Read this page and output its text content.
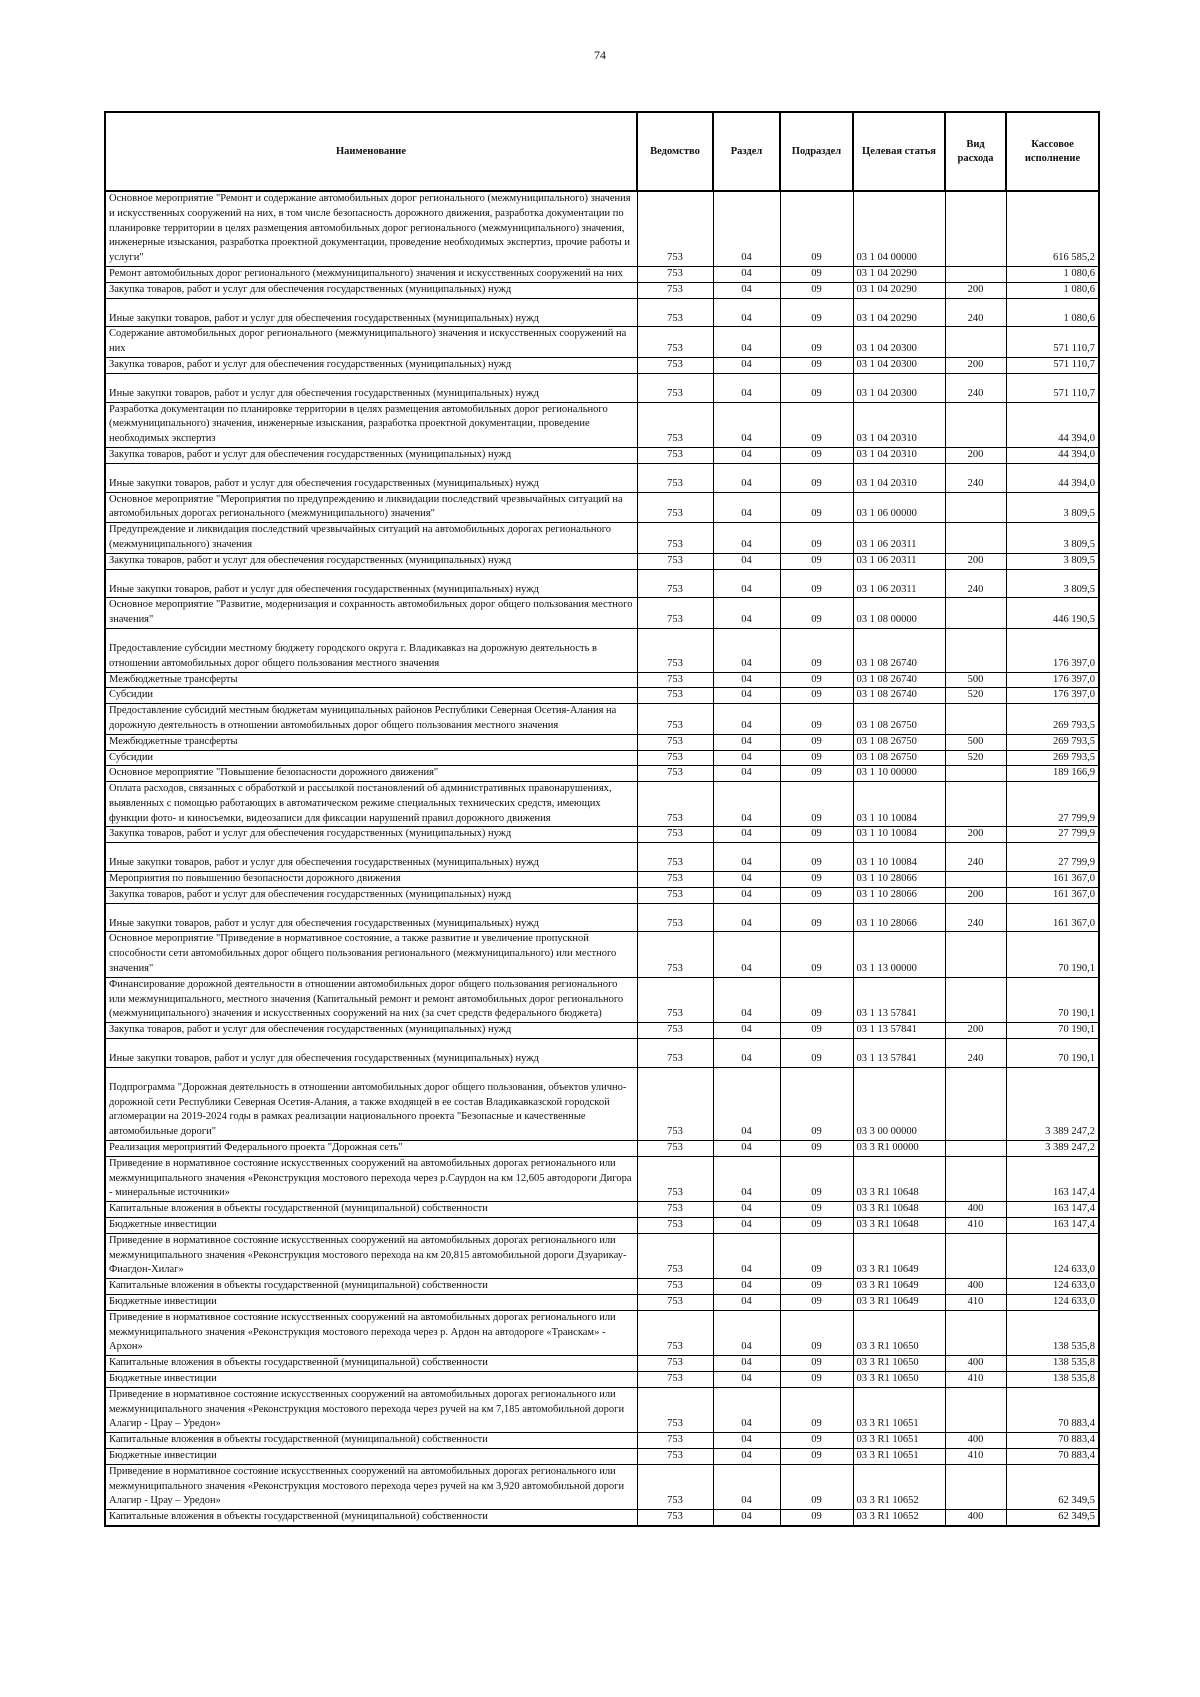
74
Наименование	Ведомство	Раздел	Подраздел	Целевая статья	Вид расхода	Кассовое исполнение
Основное мероприятие "Ремонт и содержание автомобильных дорог регионального (межмуниципального) значения и искусственных сооружений на них, в том числе безопасность дорожного движения, разработка документации по планировке территории в целях размещения автомобильных дорог регионального (межмуниципального) значения, инженерные изыскания, разработка проектной документации, проведение необходимых экспертиз, прочие работы и услуги"	753	04	09	03 1 04 00000		616 585,2
Ремонт автомобильных дорог регионального (межмуниципального) значения и искусственных сооружений на них	753	04	09	03 1 04 20290		1 080,6
Закупка товаров, работ и услуг для обеспечения государственных (муниципальных) нужд	753	04	09	03 1 04 20290	200	1 080,6
Иные закупки товаров, работ и услуг для обеспечения государственных (муниципальных) нужд	753	04	09	03 1 04 20290	240	1 080,6
Содержание автомобильных дорог регионального (межмуниципального) значения и искусственных сооружений на них	753	04	09	03 1 04 20300		571 110,7
Закупка товаров, работ и услуг для обеспечения государственных (муниципальных) нужд	753	04	09	03 1 04 20300	200	571 110,7
Иные закупки товаров, работ и услуг для обеспечения государственных (муниципальных) нужд	753	04	09	03 1 04 20300	240	571 110,7
Разработка документации по планировке территории в целях размещения автомобильных дорог регионального (межмуниципального) значения, инженерные изыскания, разработка проектной документации, проведение необходимых экспертиз	753	04	09	03 1 04 20310		44 394,0
Закупка товаров, работ и услуг для обеспечения государственных (муниципальных) нужд	753	04	09	03 1 04 20310	200	44 394,0
Иные закупки товаров, работ и услуг для обеспечения государственных (муниципальных) нужд	753	04	09	03 1 04 20310	240	44 394,0
Основное мероприятие "Мероприятия по предупреждению и ликвидации последствий чрезвычайных ситуаций на автомобильных дорогах регионального (межмуниципального) значения"	753	04	09	03 1 06 00000		3 809,5
Предупреждение и ликвидация последствий чрезвычайных ситуаций на автомобильных дорогах регионального (межмуниципального) значения	753	04	09	03 1 06 20311		3 809,5
Закупка товаров, работ и услуг для обеспечения государственных (муниципальных) нужд	753	04	09	03 1 06 20311	200	3 809,5
Иные закупки товаров, работ и услуг для обеспечения государственных (муниципальных) нужд	753	04	09	03 1 06 20311	240	3 809,5
Основное мероприятие "Развитие, модернизация и сохранность автомобильных дорог общего пользования местного значения"	753	04	09	03 1 08 00000		446 190,5
Предоставление субсидии местному бюджету городского округа г. Владикавказ на дорожную деятельность в отношении автомобильных дорог общего пользования местного значения	753	04	09	03 1 08 26740		176 397,0
Межбюджетные трансферты	753	04	09	03 1 08 26740	500	176 397,0
Субсидии	753	04	09	03 1 08 26740	520	176 397,0
Предоставление субсидий местным бюджетам муниципальных районов Республики Северная Осетия-Алания на дорожную деятельность в отношении автомобильных дорог общего пользования местного значения	753	04	09	03 1 08 26750		269 793,5
Межбюджетные трансферты	753	04	09	03 1 08 26750	500	269 793,5
Субсидии	753	04	09	03 1 08 26750	520	269 793,5
Основное мероприятие "Повышение безопасности дорожного движения"	753	04	09	03 1 10 00000		189 166,9
Оплата расходов, связанных с обработкой и рассылкой постановлений об административных правонарушениях, выявленных с помощью работающих в автоматическом режиме специальных технических средств, имеющих функции фото- и киносъемки, видеозаписи для фиксации нарушений правил дорожного движения	753	04	09	03 1 10 10084		27 799,9
Закупка товаров, работ и услуг для обеспечения государственных (муниципальных) нужд	753	04	09	03 1 10 10084	200	27 799,9
Иные закупки товаров, работ и услуг для обеспечения государственных (муниципальных) нужд	753	04	09	03 1 10 10084	240	27 799,9
Мероприятия по повышению безопасности дорожного движения	753	04	09	03 1 10 28066		161 367,0
Закупка товаров, работ и услуг для обеспечения государственных (муниципальных) нужд	753	04	09	03 1 10 28066	200	161 367,0
Иные закупки товаров, работ и услуг для обеспечения государственных (муниципальных) нужд	753	04	09	03 1 10 28066	240	161 367,0
Основное мероприятие "Приведение в нормативное состояние, а также развитие и увеличение пропускной способности сети автомобильных дорог общего пользования регионального (межмуниципального) или местного значения"	753	04	09	03 1 13 00000		70 190,1
Финансирование дорожной деятельности в отношении автомобильных дорог общего пользования регионального или межмуниципального, местного значения (Капитальный ремонт и ремонт автомобильных дорог регионального (межмуниципального) значения и искусственных сооружений на них (за счет средств федерального бюджета)	753	04	09	03 1 13 57841		70 190,1
Закупка товаров, работ и услуг для обеспечения государственных (муниципальных) нужд	753	04	09	03 1 13 57841	200	70 190,1
Иные закупки товаров, работ и услуг для обеспечения государственных (муниципальных) нужд	753	04	09	03 1 13 57841	240	70 190,1
Подпрограмма "Дорожная деятельность в отношении автомобильных дорог общего пользования, объектов улично-дорожной сети Республики Северная Осетия-Алания, а также входящей в ее состав Владикавказской городской агломерации на 2019-2024 годы в рамках реализации национального проекта "Безопасные и качественные автомобильные дороги"	753	04	09	03 3 00 00000		3 389 247,2
Реализация мероприятий Федерального проекта "Дорожная сеть"	753	04	09	03 3 R1 00000		3 389 247,2
Приведение в нормативное состояние искусственных сооружений на автомобильных дорогах регионального или межмуниципального значения «Реконструкция мостового перехода через р.Саурдон на км 12,605 автодороги Дигора - минеральные источники»	753	04	09	03 3 R1 10648		163 147,4
Капитальные вложения в объекты государственной (муниципальной) собственности	753	04	09	03 3 R1 10648	400	163 147,4
Бюджетные инвестиции	753	04	09	03 3 R1 10648	410	163 147,4
Приведение в нормативное состояние искусственных сооружений на автомобильных дорогах регионального или межмуниципального значения «Реконструкция мостового перехода на км 20,815 автомобильной дороги Дзуарикау-Фиагдон-Хилаг»	753	04	09	03 3 R1 10649		124 633,0
Капитальные вложения в объекты государственной (муниципальной) собственности	753	04	09	03 3 R1 10649	400	124 633,0
Бюджетные инвестиции	753	04	09	03 3 R1 10649	410	124 633,0
Приведение в нормативное состояние искусственных сооружений на автомобильных дорогах регионального или межмуниципального значения «Реконструкция мостового перехода через р. Ардон на автодороге «Транскам» - Архон»	753	04	09	03 3 R1 10650		138 535,8
Капитальные вложения в объекты государственной (муниципальной) собственности	753	04	09	03 3 R1 10650	400	138 535,8
Бюджетные инвестиции	753	04	09	03 3 R1 10650	410	138 535,8
Приведение в нормативное состояние искусственных сооружений на автомобильных дорогах регионального или межмуниципального значения «Реконструкция мостового перехода через ручей на км 7,185 автомобильной дороги Алагир - Црау – Уредон»	753	04	09	03 3 R1 10651		70 883,4
Капитальные вложения в объекты государственной (муниципальной) собственности	753	04	09	03 3 R1 10651	400	70 883,4
Бюджетные инвестиции	753	04	09	03 3 R1 10651	410	70 883,4
Приведение в нормативное состояние искусственных сооружений на автомобильных дорогах регионального или межмуниципального значения «Реконструкция мостового перехода через ручей на км 3,920 автомобильной дороги Алагир - Црау – Уредон»	753	04	09	03 3 R1 10652		62 349,5
Капитальные вложения в объекты государственной (муниципальной) собственности	753	04	09	03 3 R1 10652	400	62 349,5
